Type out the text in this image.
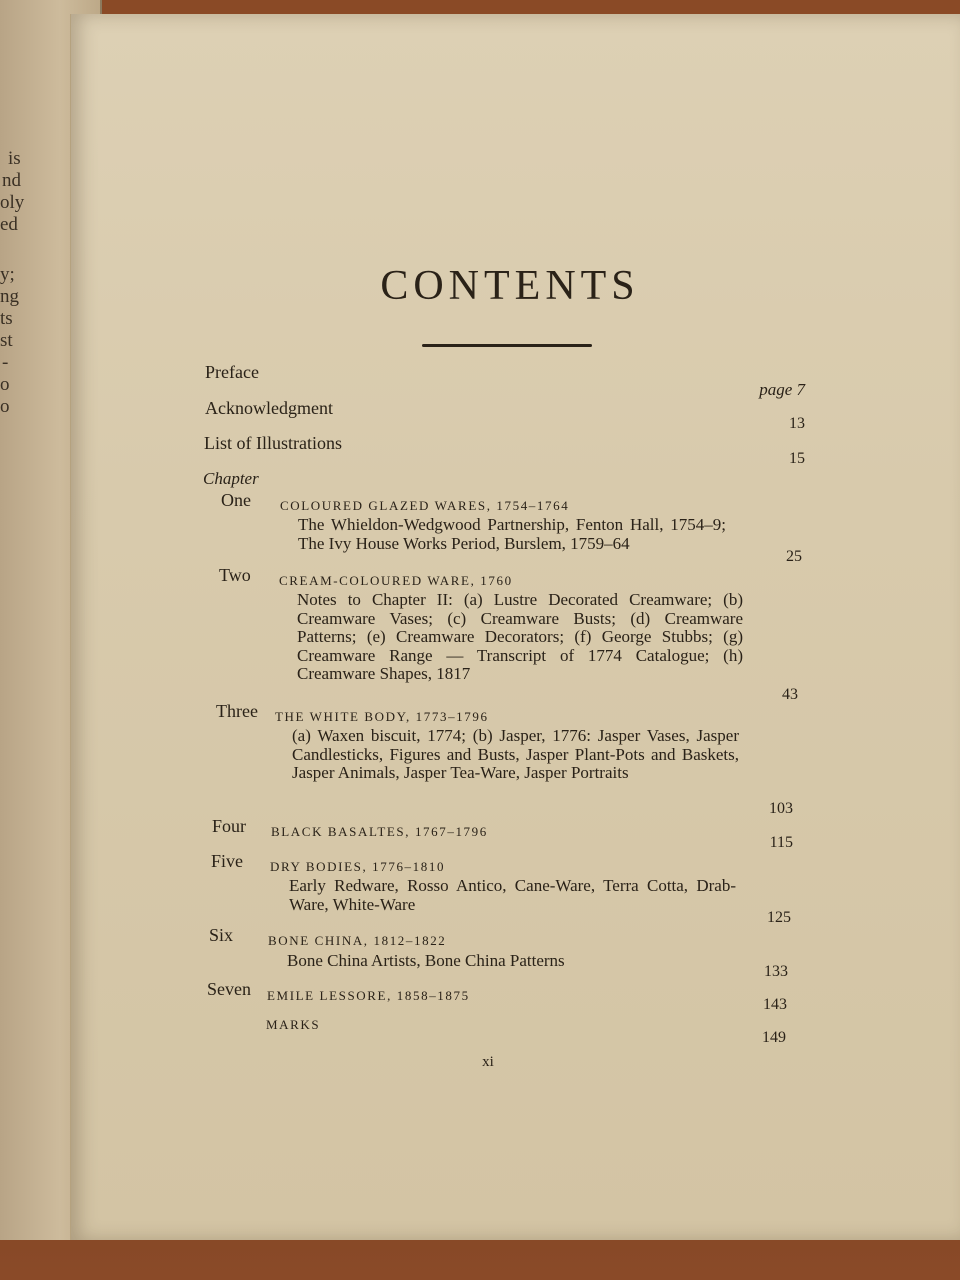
is
nd
oly
ed
y;
ng
ts
st
-
o
o
CONTENTS
Preface
page 7
Acknowledgment
13
List of Illustrations
15
Chapter
One COLOURED GLAZED WARES, 1754–1764
The Whieldon-Wedgwood Partnership, Fenton Hall, 1754–9; The Ivy House Works Period, Burslem, 1759–64
25
Two CREAM-COLOURED WARE, 1760
Notes to Chapter II: (a) Lustre Decorated Creamware; (b) Creamware Vases; (c) Creamware Busts; (d) Creamware Patterns; (e) Creamware Decorators; (f) George Stubbs; (g) Creamware Range — Transcript of 1774 Catalogue; (h) Creamware Shapes, 1817
43
Three THE WHITE BODY, 1773–1796
(a) Waxen biscuit, 1774; (b) Jasper, 1776: Jasper Vases, Jasper Candlesticks, Figures and Busts, Jasper Plant-Pots and Baskets, Jasper Animals, Jasper Tea-Ware, Jasper Portraits
103
Four BLACK BASALTES, 1767–1796
115
Five DRY BODIES, 1776–1810
Early Redware, Rosso Antico, Cane-Ware, Terra Cotta, Drab-Ware, White-Ware
125
Six	BONE CHINA, 1812–1822
Bone China Artists, Bone China Patterns
133
Seven EMILE LESSORE, 1858–1875
143
MARKS
149
xi
